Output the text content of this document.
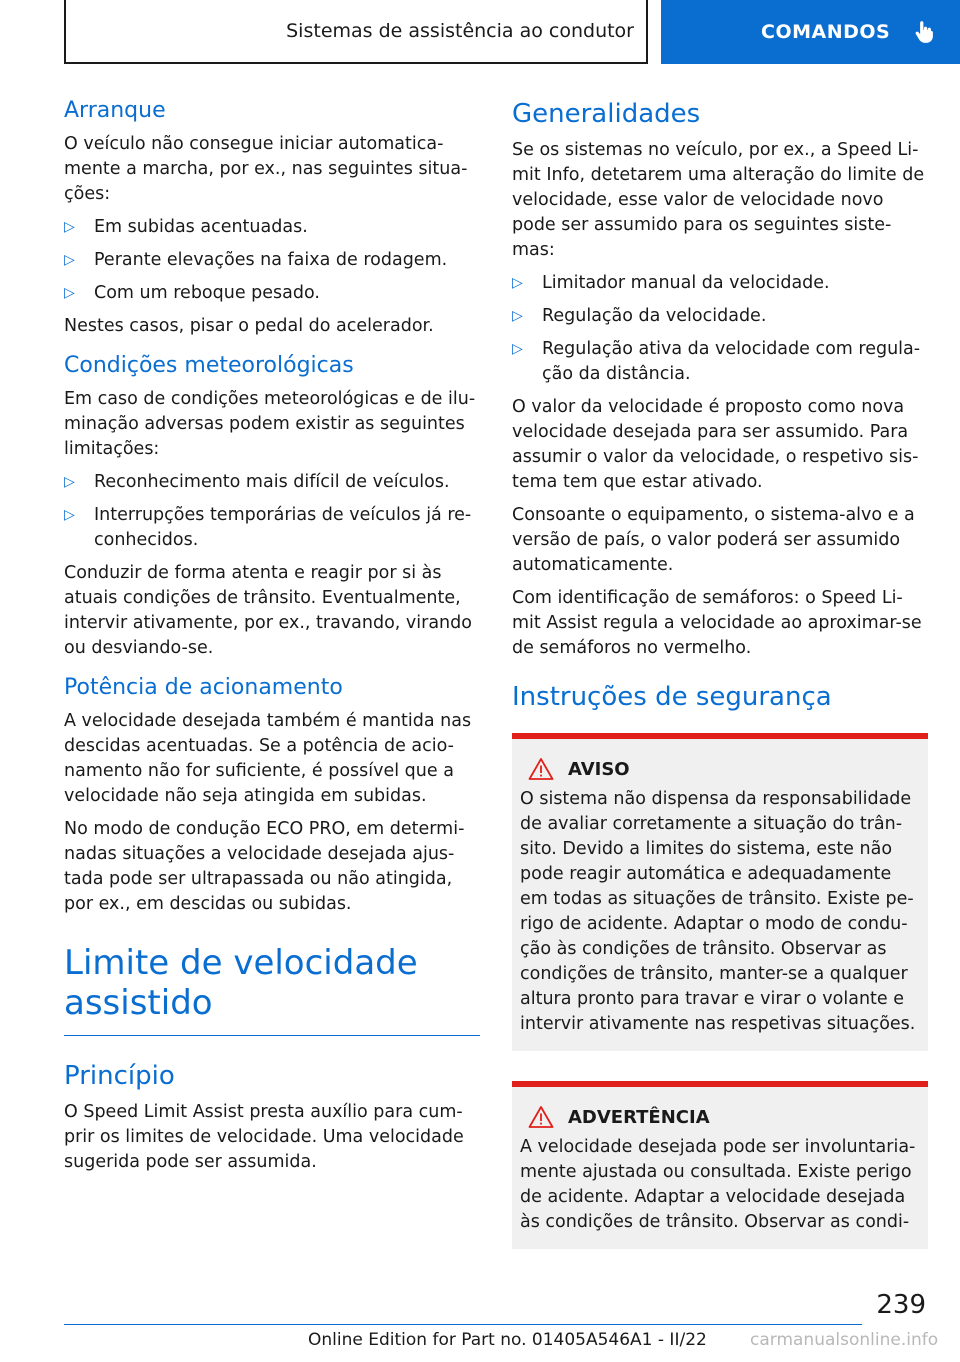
Sistemas de assistência ao condutor	COMANDOS
Arranque

O veículo não consegue iniciar automatica-mente a marcha, por ex., nas seguintes situa-ções:

▷ Em subidas acentuadas.
▷ Perante elevações na faixa de rodagem.
▷ Com um reboque pesado.

Nestes casos, pisar o pedal do acelerador.

Condições meteorológicas

Em caso de condições meteorológicas e de ilu-minação adversas podem existir as seguintes limitações:

▷ Reconhecimento mais difícil de veículos.
▷ Interrupções temporárias de veículos já re-conhecidos.

Conduzir de forma atenta e reagir por si às atuais condições de trânsito. Eventualmente, intervir ativamente, por ex., travando, virando ou desviando-se.

Potência de acionamento

A velocidade desejada também é mantida nas descidas acentuadas. Se a potência de acio-namento não for suficiente, é possível que a velocidade não seja atingida em subidas.

No modo de condução ECO PRO, em determi-nadas situações a velocidade desejada ajus-tada pode ser ultrapassada ou não atingida, por ex., em descidas ou subidas.

Limite de velocidade
assistido
Princípio

O Speed Limit Assist presta auxílio para cum-prir os limites de velocidade. Uma velocidade sugerida pode ser assumida.

Generalidades

Se os sistemas no veículo, por ex., a Speed Li-mit Info, detetarem uma alteração do limite de velocidade, esse valor de velocidade novo pode ser assumido para os seguintes siste-mas:

▷ Limitador manual da velocidade.
▷ Regulação da velocidade.
▷ Regulação ativa da velocidade com regula-ção da distância.

O valor da velocidade é proposto como nova velocidade desejada para ser assumido. Para assumir o valor da velocidade, o respetivo sis-tema tem que estar ativado.

Consoante o equipamento, o sistema-alvo e a versão de país, o valor poderá ser assumido automaticamente.

Com identificação de semáforos: o Speed Li-mit Assist regula a velocidade ao aproximar-se de semáforos no vermelho.

Instruções de segurança
AVISO

O sistema não dispensa da responsabilidade de avaliar corretamente a situação do trân-sito. Devido a limites do sistema, este não pode reagir automática e adequadamente em todas as situações de trânsito. Existe pe-rigo de acidente. Adaptar o modo de condu-ção às condições de trânsito. Observar as condições de trânsito, manter-se a qualquer altura pronto para travar e virar o volante e intervir ativamente nas respetivas situações.

ADVERTÊNCIA

A velocidade desejada pode ser involuntaria-mente ajustada ou consultada. Existe perigo de acidente. Adaptar a velocidade desejada às condições de trânsito. Observar as condi-

239
Online Edition for Part no. 01405A546A1 - II/22	carmanualsonline.info
